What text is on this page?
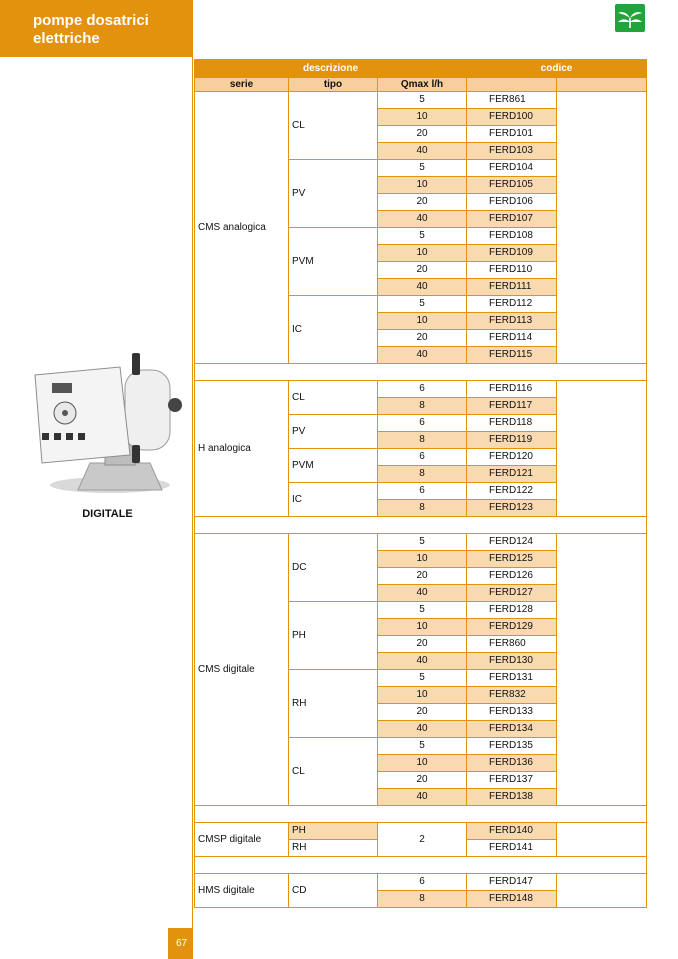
pompe dosatrici
elettriche
DIGITALE
descrizione			codice	
serie	tipo	Qmax l/h		
CMS analogica	CL	5	FER861	
		10	FERD100	
		20	FERD101	
		40	FERD103	
	PV	5	FERD104	
		10	FERD105	
		20	FERD106	
		40	FERD107	
	PVM	5	FERD108	
		10	FERD109	
		20	FERD110	
		40	FERD111	
	IC	5	FERD112	
		10	FERD113	
		20	FERD114	
		40	FERD115	

H analogica	CL	6	FERD116	
		8	FERD117	
	PV	6	FERD118	
		8	FERD119	
	PVM	6	FERD120	
		8	FERD121	
	IC	6	FERD122	
		8	FERD123	

CMS digitale	DC	5	FERD124	
		10	FERD125	
		20	FERD126	
		40	FERD127	
	PH	5	FERD128	
		10	FERD129	
		20	FER860	
		40	FERD130	
	RH	5	FERD131	
		10	FER832	
		20	FERD133	
		40	FERD134	
	CL	5	FERD135	
		10	FERD136	
		20	FERD137	
		40	FERD138	

CMSP digitale	PH	2	FERD140	
	RH		FERD141	

HMS digitale	CD	6	FERD147	
		8	FERD148	
67
